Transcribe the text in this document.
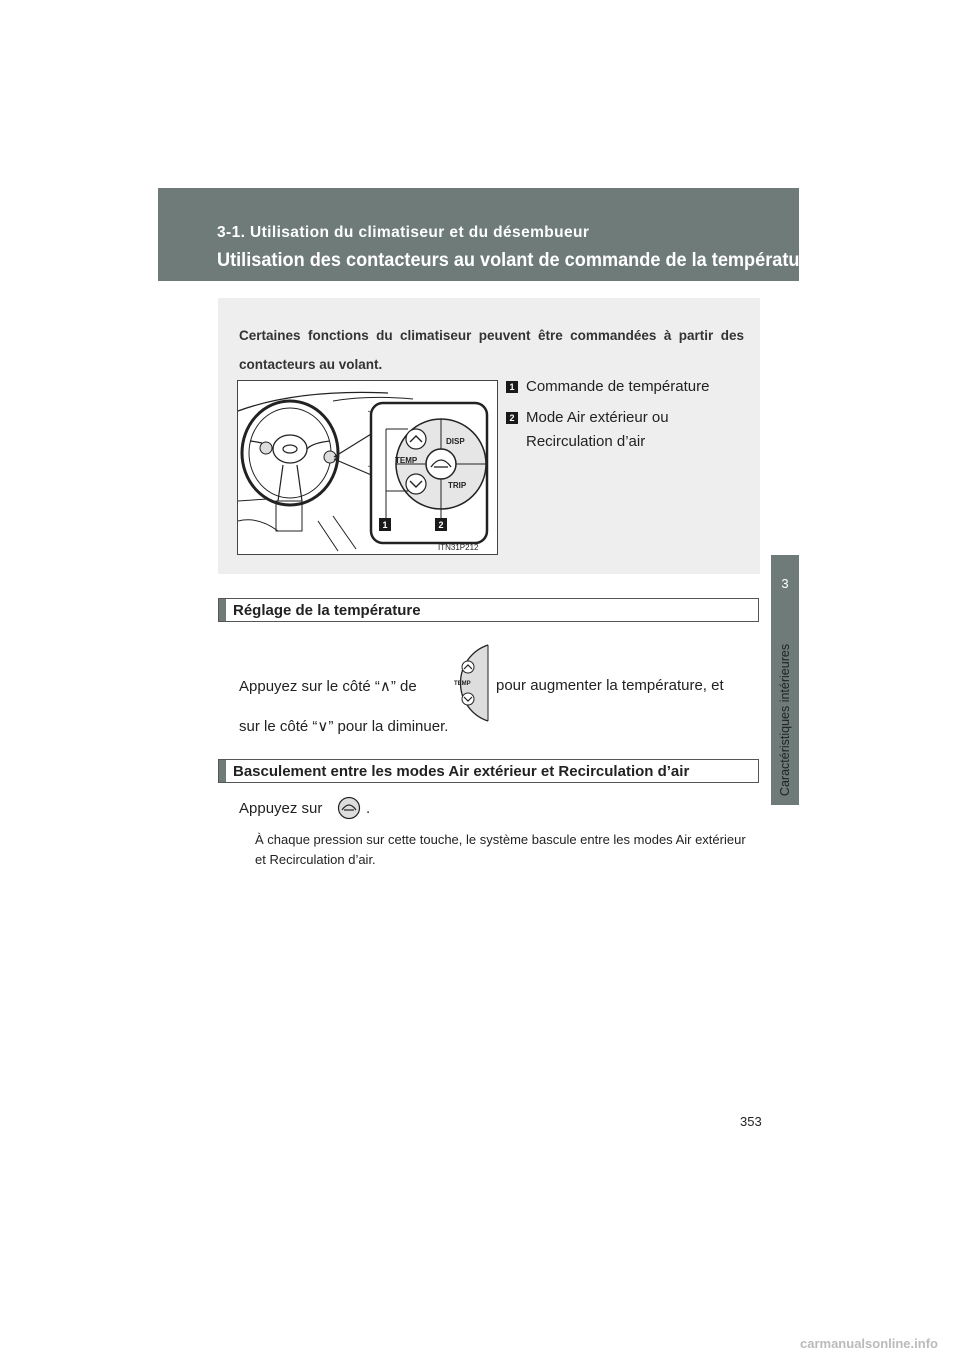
3-1. Utilisation du climatiseur et du désembueur
Utilisation des contacteurs au volant de commande de la température
3
Caractéristiques intérieures
Certaines fonctions du climatiseur peuvent être commandées à partir des contacteurs au volant.
TEMP
DISP
TRIP
1	2
ITN31P212
1 Commande de température
2 Mode Air extérieur ou Recirculation d’air
Réglage de la température
Appuyez sur le côté “∧” de	TEMP pour augmenter la température, et
sur le côté “∨” pour la diminuer.
Basculement entre les modes Air extérieur et Recirculation d’air
Appuyez sur	.
À chaque pression sur cette touche, le système bascule entre les modes Air extérieur et Recirculation d’air.
353
carmanualsonline.info
